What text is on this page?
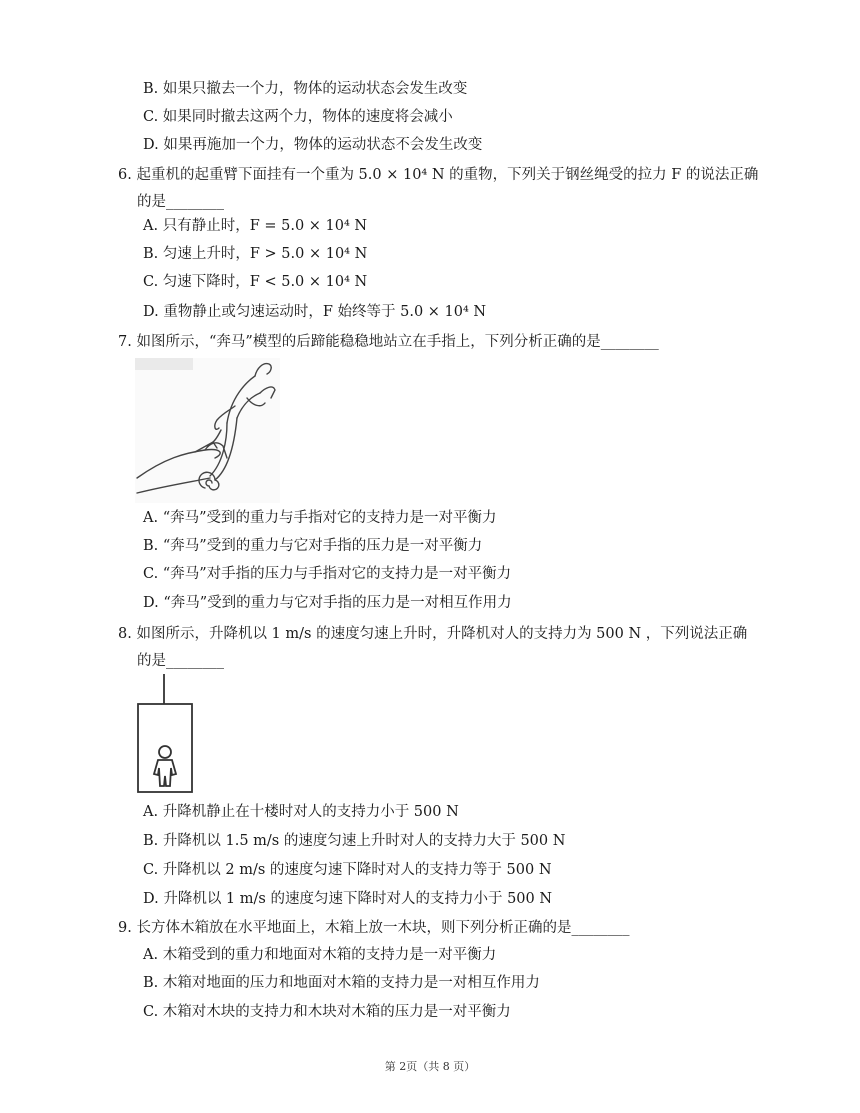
B. 如果只撤去一个力，物体的运动状态会发生改变
C. 如果同时撤去这两个力，物体的速度将会减小
D. 如果再施加一个力，物体的运动状态不会发生改变
6. 起重机的起重臂下面挂有一个重为 5.0 × 10⁴ N 的重物，下列关于钢丝绳受的拉力 F 的说法正确
的是________
A. 只有静止时，F = 5.0 × 10⁴ N
B. 匀速上升时，F > 5.0 × 10⁴ N
C. 匀速下降时，F < 5.0 × 10⁴ N
D. 重物静止或匀速运动时，F 始终等于 5.0 × 10⁴ N
7. 如图所示，“奔马”模型的后蹄能稳稳地站立在手指上，下列分析正确的是________
A. “奔马”受到的重力与手指对它的支持力是一对平衡力
B. “奔马”受到的重力与它对手指的压力是一对平衡力
C. “奔马”对手指的压力与手指对它的支持力是一对平衡力
D. “奔马”受到的重力与它对手指的压力是一对相互作用力
8. 如图所示，升降机以 1 m/s 的速度匀速上升时，升降机对人的支持力为 500 N ，下列说法正确
的是________
A. 升降机静止在十楼时对人的支持力小于 500 N
B. 升降机以 1.5 m/s 的速度匀速上升时对人的支持力大于 500 N
C. 升降机以 2 m/s 的速度匀速下降时对人的支持力等于 500 N
D. 升降机以 1 m/s 的速度匀速下降时对人的支持力小于 500 N
9. 长方体木箱放在水平地面上，木箱上放一木块，则下列分析正确的是________
A. 木箱受到的重力和地面对木箱的支持力是一对平衡力
B. 木箱对地面的压力和地面对木箱的支持力是一对相互作用力
C. 木箱对木块的支持力和木块对木箱的压力是一对平衡力
第 2页（共 8 页）
